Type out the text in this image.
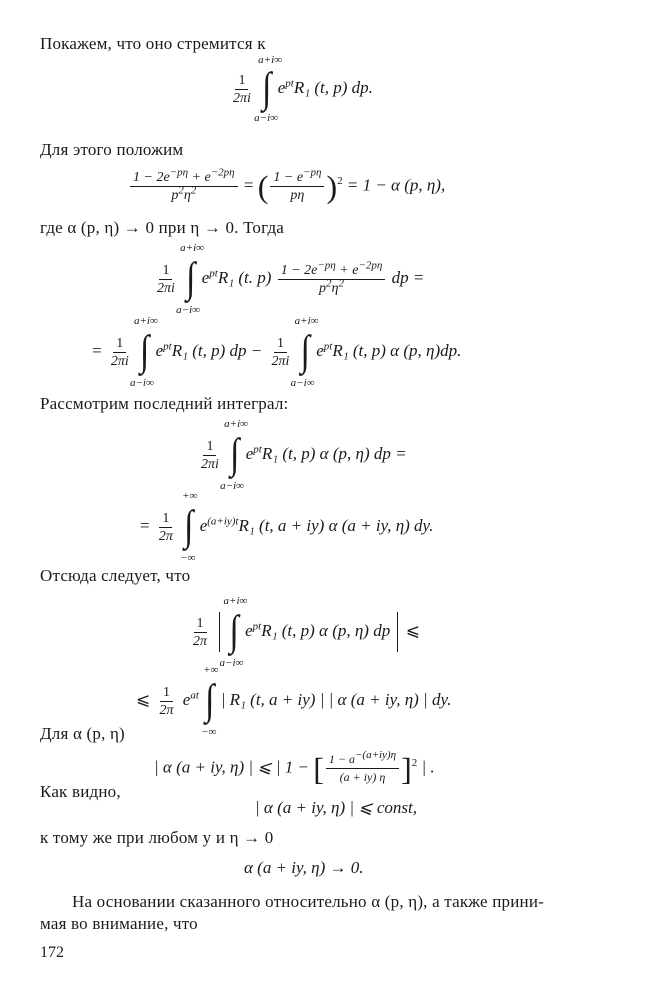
Покажем, что оно стремится к
$\frac{1}{2\pi i}$

a+i∞
∫
a−i∞
$e^{pt}R_1$ (t, p) dp.
Для этого положим
$\frac{1 - 2e^{-p\eta} + e^{-2p\eta}}{p^2\eta^2}$ = ( $\frac{1 - e^{-p\eta}}{p\eta} )^2 = 1 - \alpha$ (p, η),
где α (p, η) → 0 при η → 0. Тогда
$\frac{1}{2\pi i}$

a+i∞
∫
a−i∞
$e^{pt}R_1$ (t. $p) \frac{1 - 2e^{-p\eta} + e^{-2p\eta}}{p^2\eta^2}$ dp =
= $\frac{1}{2\pi i}$

a+i∞
∫
a−i∞
$e^{pt}R_1$ (t, p) dp − $\frac{1}{2\pi i}$

a+i∞
∫
a−i∞
$e^{pt}R_1$ (t, p) α (p, η)dp.
Рассмотрим последний интеграл:
$\frac{1}{2\pi i}$

a+i∞
∫
a−i∞
$e^{pt}R_1$ (t, p) α (p, η) dp =
= $\frac{1}{2\pi}$

+∞
∫
−∞
$e^{(a+iy)t}R_1$ (t, a + iy) α (a + iy, η) dy.
Отсюда следует, что
$\frac{1}{2\pi}$

a+i∞
∫
a−i∞
$e^{pt}R_1$ (t, p) α (p, η) dp ⩽
⩽ $\frac{1}{2\pi} e^{at}$
+∞
∫
−∞
| R₁ (t, a + iy) | | α (a + iy, η) | dy.
Для α (p, η)
| α (a + iy, η) | ⩽ | 1 − [ $\frac{1 - a-(a+iy)\eta}{(a + iy) \eta} ]^2$ | .
Как видно,
| α (a + iy, η) | ⩽ const,
к тому же при любом y и η → 0
α (a + iy, η) → 0.
На основании сказанного относительно α (p, η), а также прини-
мая во внимание, что
172
